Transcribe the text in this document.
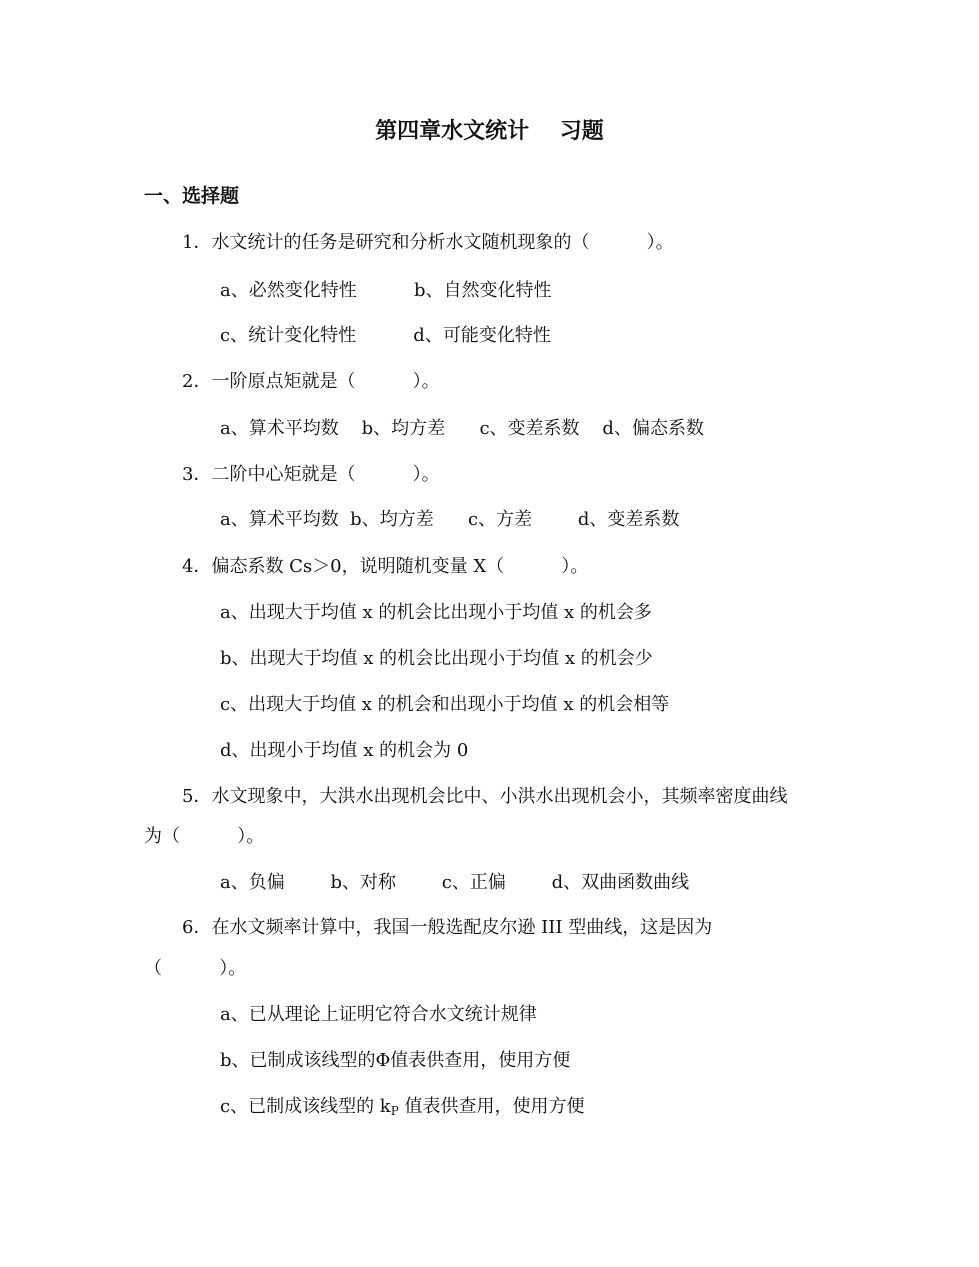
第四章水文统计    习题
一、选择题

1．水文统计的任务是研究和分析水文随机现象的（          ）。

a、必然变化特性          b、自然变化特性

c、统计变化特性          d、可能变化特性

2．一阶原点矩就是（          ）。

a、算术平均数    b、均方差      c、变差系数    d、偏态系数

3．二阶中心矩就是（          ）。

a、算术平均数  b、均方差      c、方差        d、变差系数

4．偏态系数 Cs＞0，说明随机变量 X（          ）。

a、出现大于均值 x 的机会比出现小于均值 x 的机会多

b、出现大于均值 x 的机会比出现小于均值 x 的机会少

c、出现大于均值 x 的机会和出现小于均值 x 的机会相等

d、出现小于均值 x 的机会为 0

5．水文现象中，大洪水出现机会比中、小洪水出现机会小，其频率密度曲线

为（          ）。

a、负偏        b、对称        c、正偏        d、双曲函数曲线

6．在水文频率计算中，我国一般选配皮尔逊 III 型曲线，这是因为

（          ）。

a、已从理论上证明它符合水文统计规律

b、已制成该线型的Φ值表供查用，使用方便

c、已制成该线型的 kP 值表供查用，使用方便
